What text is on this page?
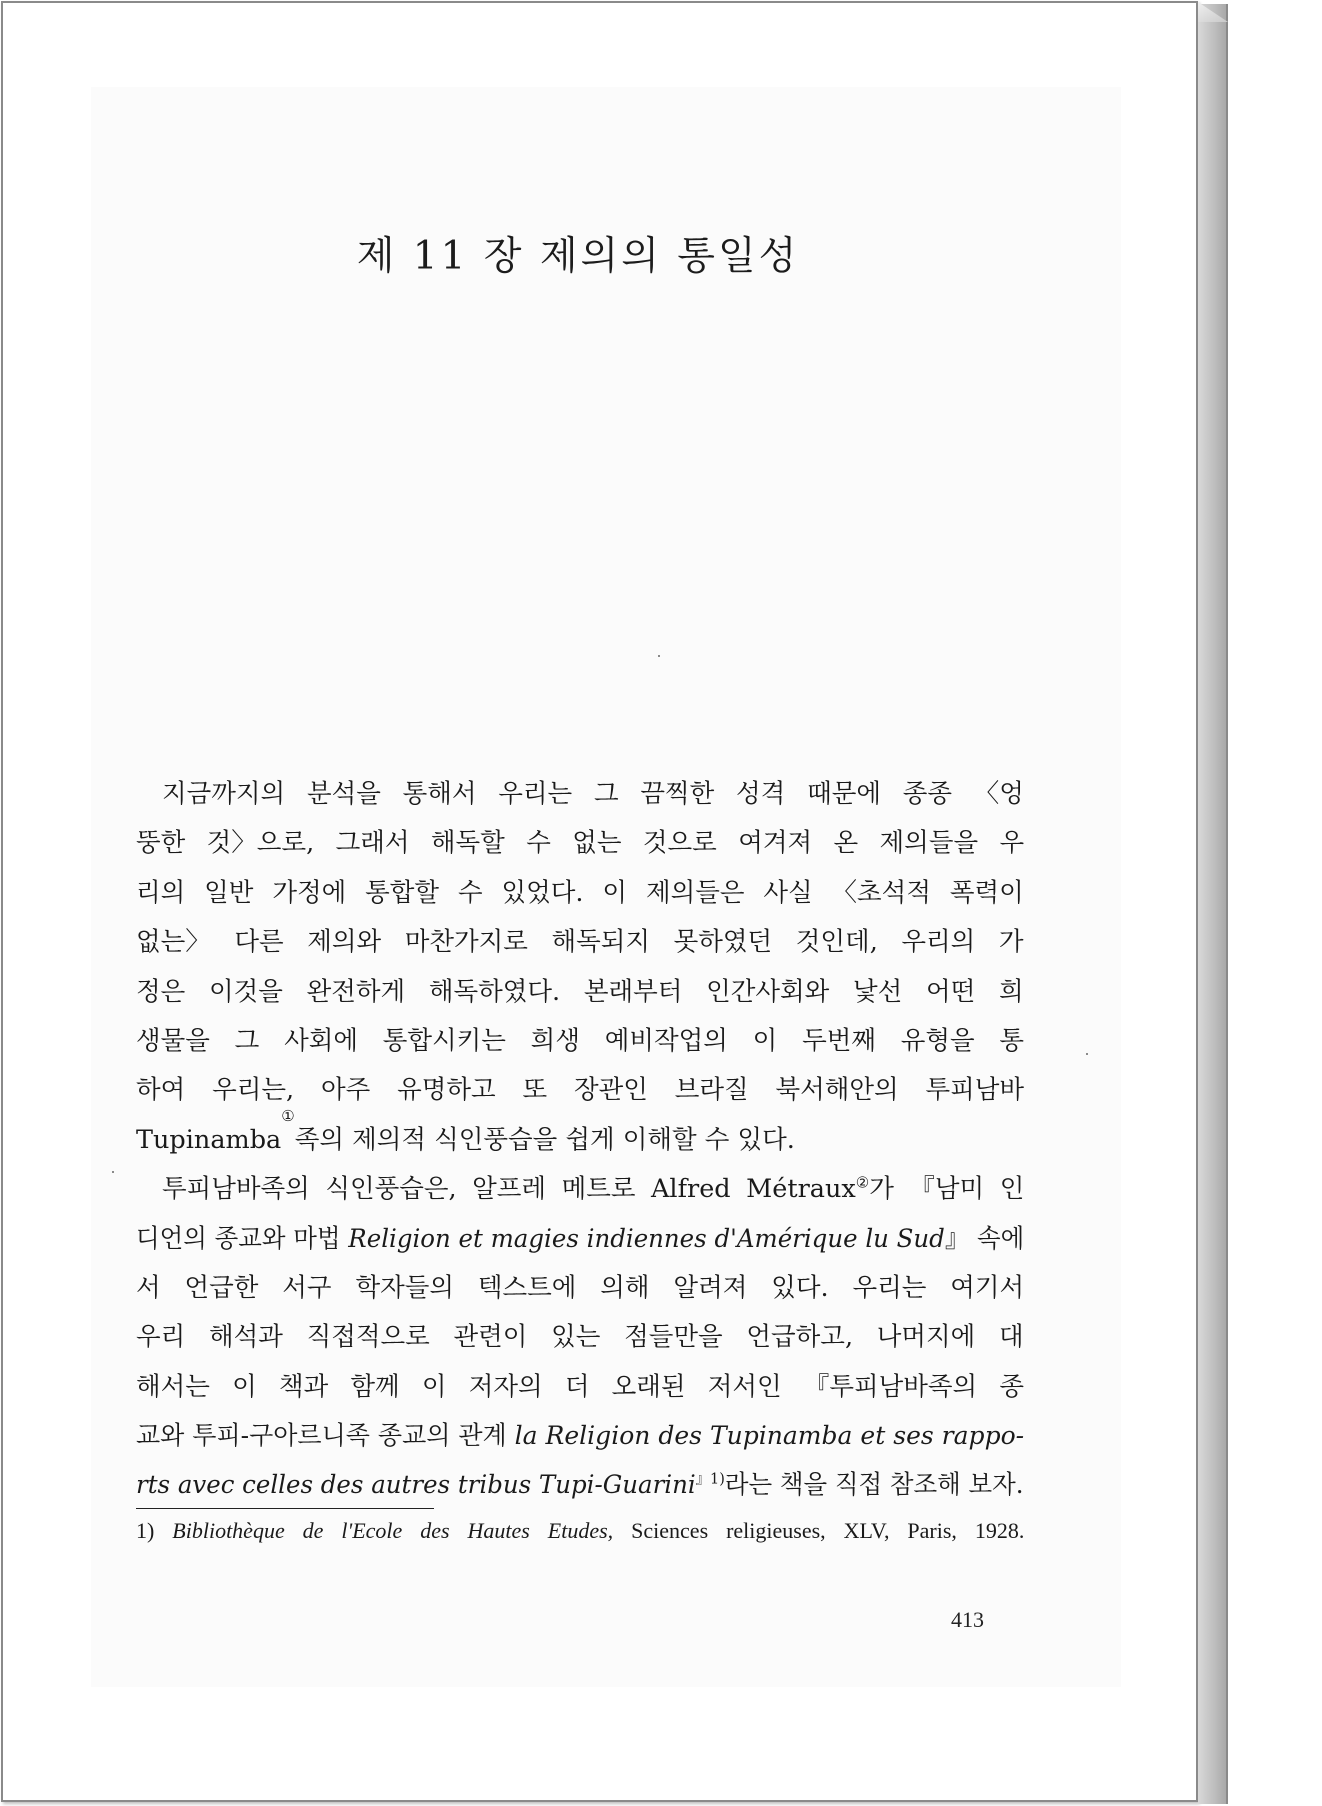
제 11 장 제의의 통일성
지금까지의 분석을 통해서 우리는 그 끔찍한 성격 때문에 종종 〈엉
뚱한 것〉으로, 그래서 해독할 수 없는 것으로 여겨져 온 제의들을 우
리의 일반 가정에 통합할 수 있었다. 이 제의들은 사실 〈초석적 폭력이
없는〉 다른 제의와 마찬가지로 해독되지 못하였던 것인데, 우리의 가
정은 이것을 완전하게 해독하였다. 본래부터 인간사회와 낯선 어떤 희
생물을 그 사회에 통합시키는 희생 예비작업의 이 두번째 유형을 통
하여 우리는, 아주 유명하고 또 장관인 브라질 북서해안의 투피남바
Tupinamba
①
족의 제의적 식인풍습을 쉽게 이해할 수 있다.
투피남바족의 식인풍습은, 알프레 메트로 Alfred Métraux②가 『남미 인
디언의 종교와 마법 Religion et magies indiennes d'Amérique lu Sud』 속에
서 언급한 서구 학자들의 텍스트에 의해 알려져 있다. 우리는 여기서
우리 해석과 직접적으로 관련이 있는 점들만을 언급하고, 나머지에 대
해서는 이 책과 함께 이 저자의 더 오래된 저서인 『투피남바족의 종
교와 투피-구아르니족 종교의 관계 la Religion des Tupinamba et ses rappo-
rts avec celles des autres tribus Tupi-Guarini$^{』1)}$라는 책을 직접 참조해 보자.
1) Bibliothèque de l'Ecole des Hautes Etudes, Sciences religieuses, XLV, Paris, 1928.
413
